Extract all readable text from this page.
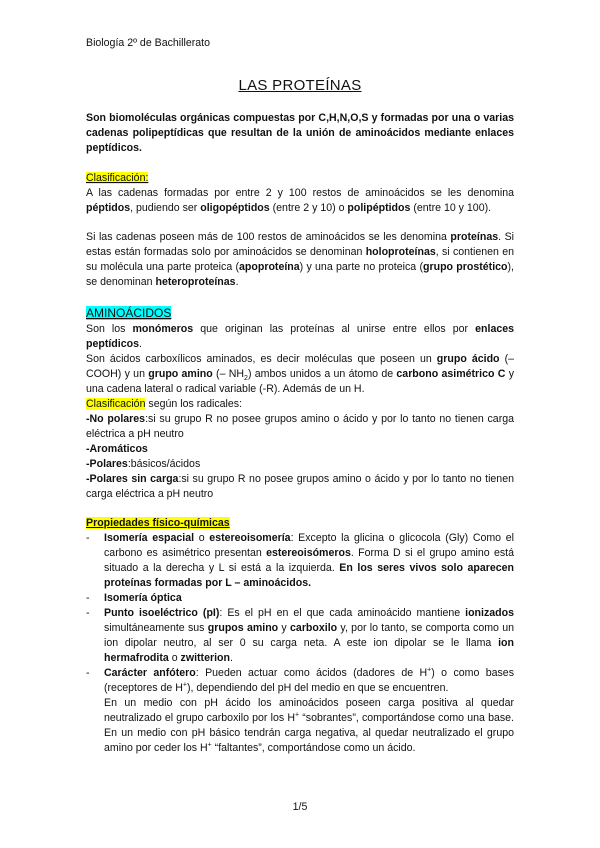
Biología 2º de Bachillerato
LAS PROTEÍNAS
Son biomoléculas orgánicas compuestas por C,H,N,O,S y formadas por una o varias cadenas polipeptídicas que resultan de la unión de aminoácidos mediante enlaces peptídicos.
Clasificación:
A las cadenas formadas por entre 2 y 100 restos de aminoácidos se les denomina péptidos, pudiendo ser oligopéptidos (entre 2 y 10) o polipéptidos (entre 10 y 100).
Si las cadenas poseen más de 100 restos de aminoácidos se les denomina proteínas. Si estas están formadas solo por aminoácidos se denominan holoproteínas, si contienen en su molécula una parte proteica (apoproteína) y una parte no proteica (grupo prostético), se denominan heteroproteínas.
AMINOÁCIDOS
Son los monómeros que originan las proteínas al unirse entre ellos por enlaces peptídicos.
Son ácidos carboxílicos aminados, es decir moléculas que poseen un grupo ácido (– COOH) y un grupo amino (– $NH_2$) ambos unidos a un átomo de carbono asimétrico C y una cadena lateral o radical variable (-R). Además de un H.
Clasificación según los radicales:
-No polares:si su grupo R no posee grupos amino o ácido y por lo tanto no tienen carga eléctrica a pH neutro
-Aromáticos
-Polares:básicos/ácidos
-Polares sin carga:si su grupo R no posee grupos amino o ácido y por lo tanto no tienen carga eléctrica a pH neutro
Propiedades físico-químicas
- Isomería espacial o estereoisomería: Excepto la glicina o glicocola (Gly) Como el carbono es asimétrico presentan estereoisómeros. Forma D si el grupo amino está situado a la derecha y L si está a la izquierda. En los seres vivos solo aparecen proteínas formadas por L – aminoácidos.
- Isomería óptica
- Punto isoeléctrico (pI): Es el pH en el que cada aminoácido mantiene ionizados simultáneamente sus grupos amino y carboxilo y, por lo tanto, se comporta como un ion dipolar neutro, al ser 0 su carga neta. A este ion dipolar se le llama ion hermafrodita o zwitterion.
- Carácter anfótero: Pueden actuar como ácidos (dadores de H+) o como bases (receptores de H+), dependiendo del pH del medio en que se encuentren.
En un medio con pH ácido los aminoácidos poseen carga positiva al quedar neutralizado el grupo carboxilo por los H+ “sobrantes”, comportándose como una base. En un medio con pH básico tendrán carga negativa, al quedar neutralizado el grupo amino por ceder los H+ “faltantes”, comportándose como un ácido.
1/5
